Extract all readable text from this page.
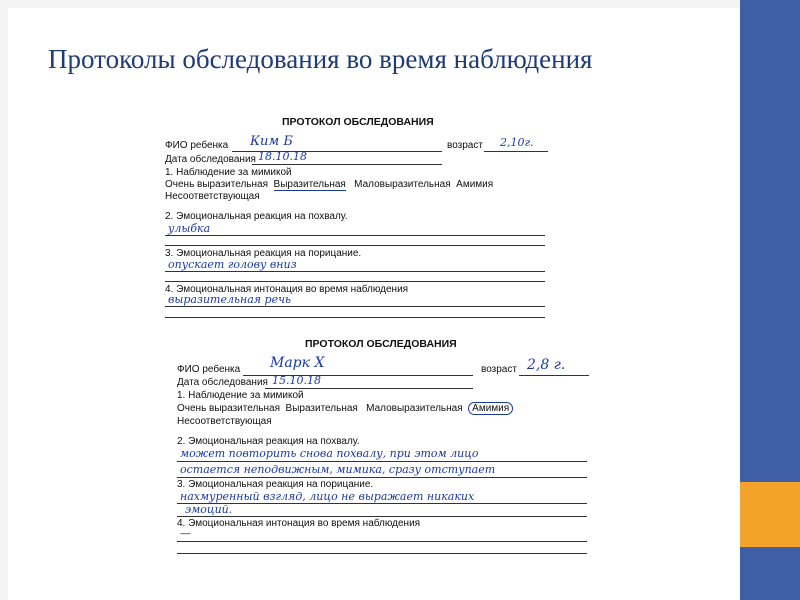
Протоколы обследования во время наблюдения
ПРОТОКОЛ ОБСЛЕДОВАНИЯ
ФИО ребенка Ким Б	возраст 2,10г.
Дата обследования 18.10.18
1. Наблюдение за мимикой
Очень выразительная Выразительная Маловыразительная Амимия
Несоответствующая
2. Эмоциональная реакция на похвалу.
улыбка
3. Эмоциональная реакция на порицание.
опускает голову вниз
4. Эмоциональная интонация во время наблюдения
выразительная речь
ПРОТОКОЛ ОБСЛЕДОВАНИЯ
ФИО ребенка Марк Х	возраст 2,8 г.
Дата обследования 15.10.18
1. Наблюдение за мимикой
Очень выразительная Выразительная Маловыразительная Амимия
Несоответствующая
2. Эмоциональная реакция на похвалу.
может повторить снова похвалу, при этом лицо
остается неподвижным, мимика, сразу отступает
3. Эмоциональная реакция на порицание.
нахмуренный взгляд, лицо не выражает никаких
эмоций.
4. Эмоциональная интонация во время наблюдения
—
